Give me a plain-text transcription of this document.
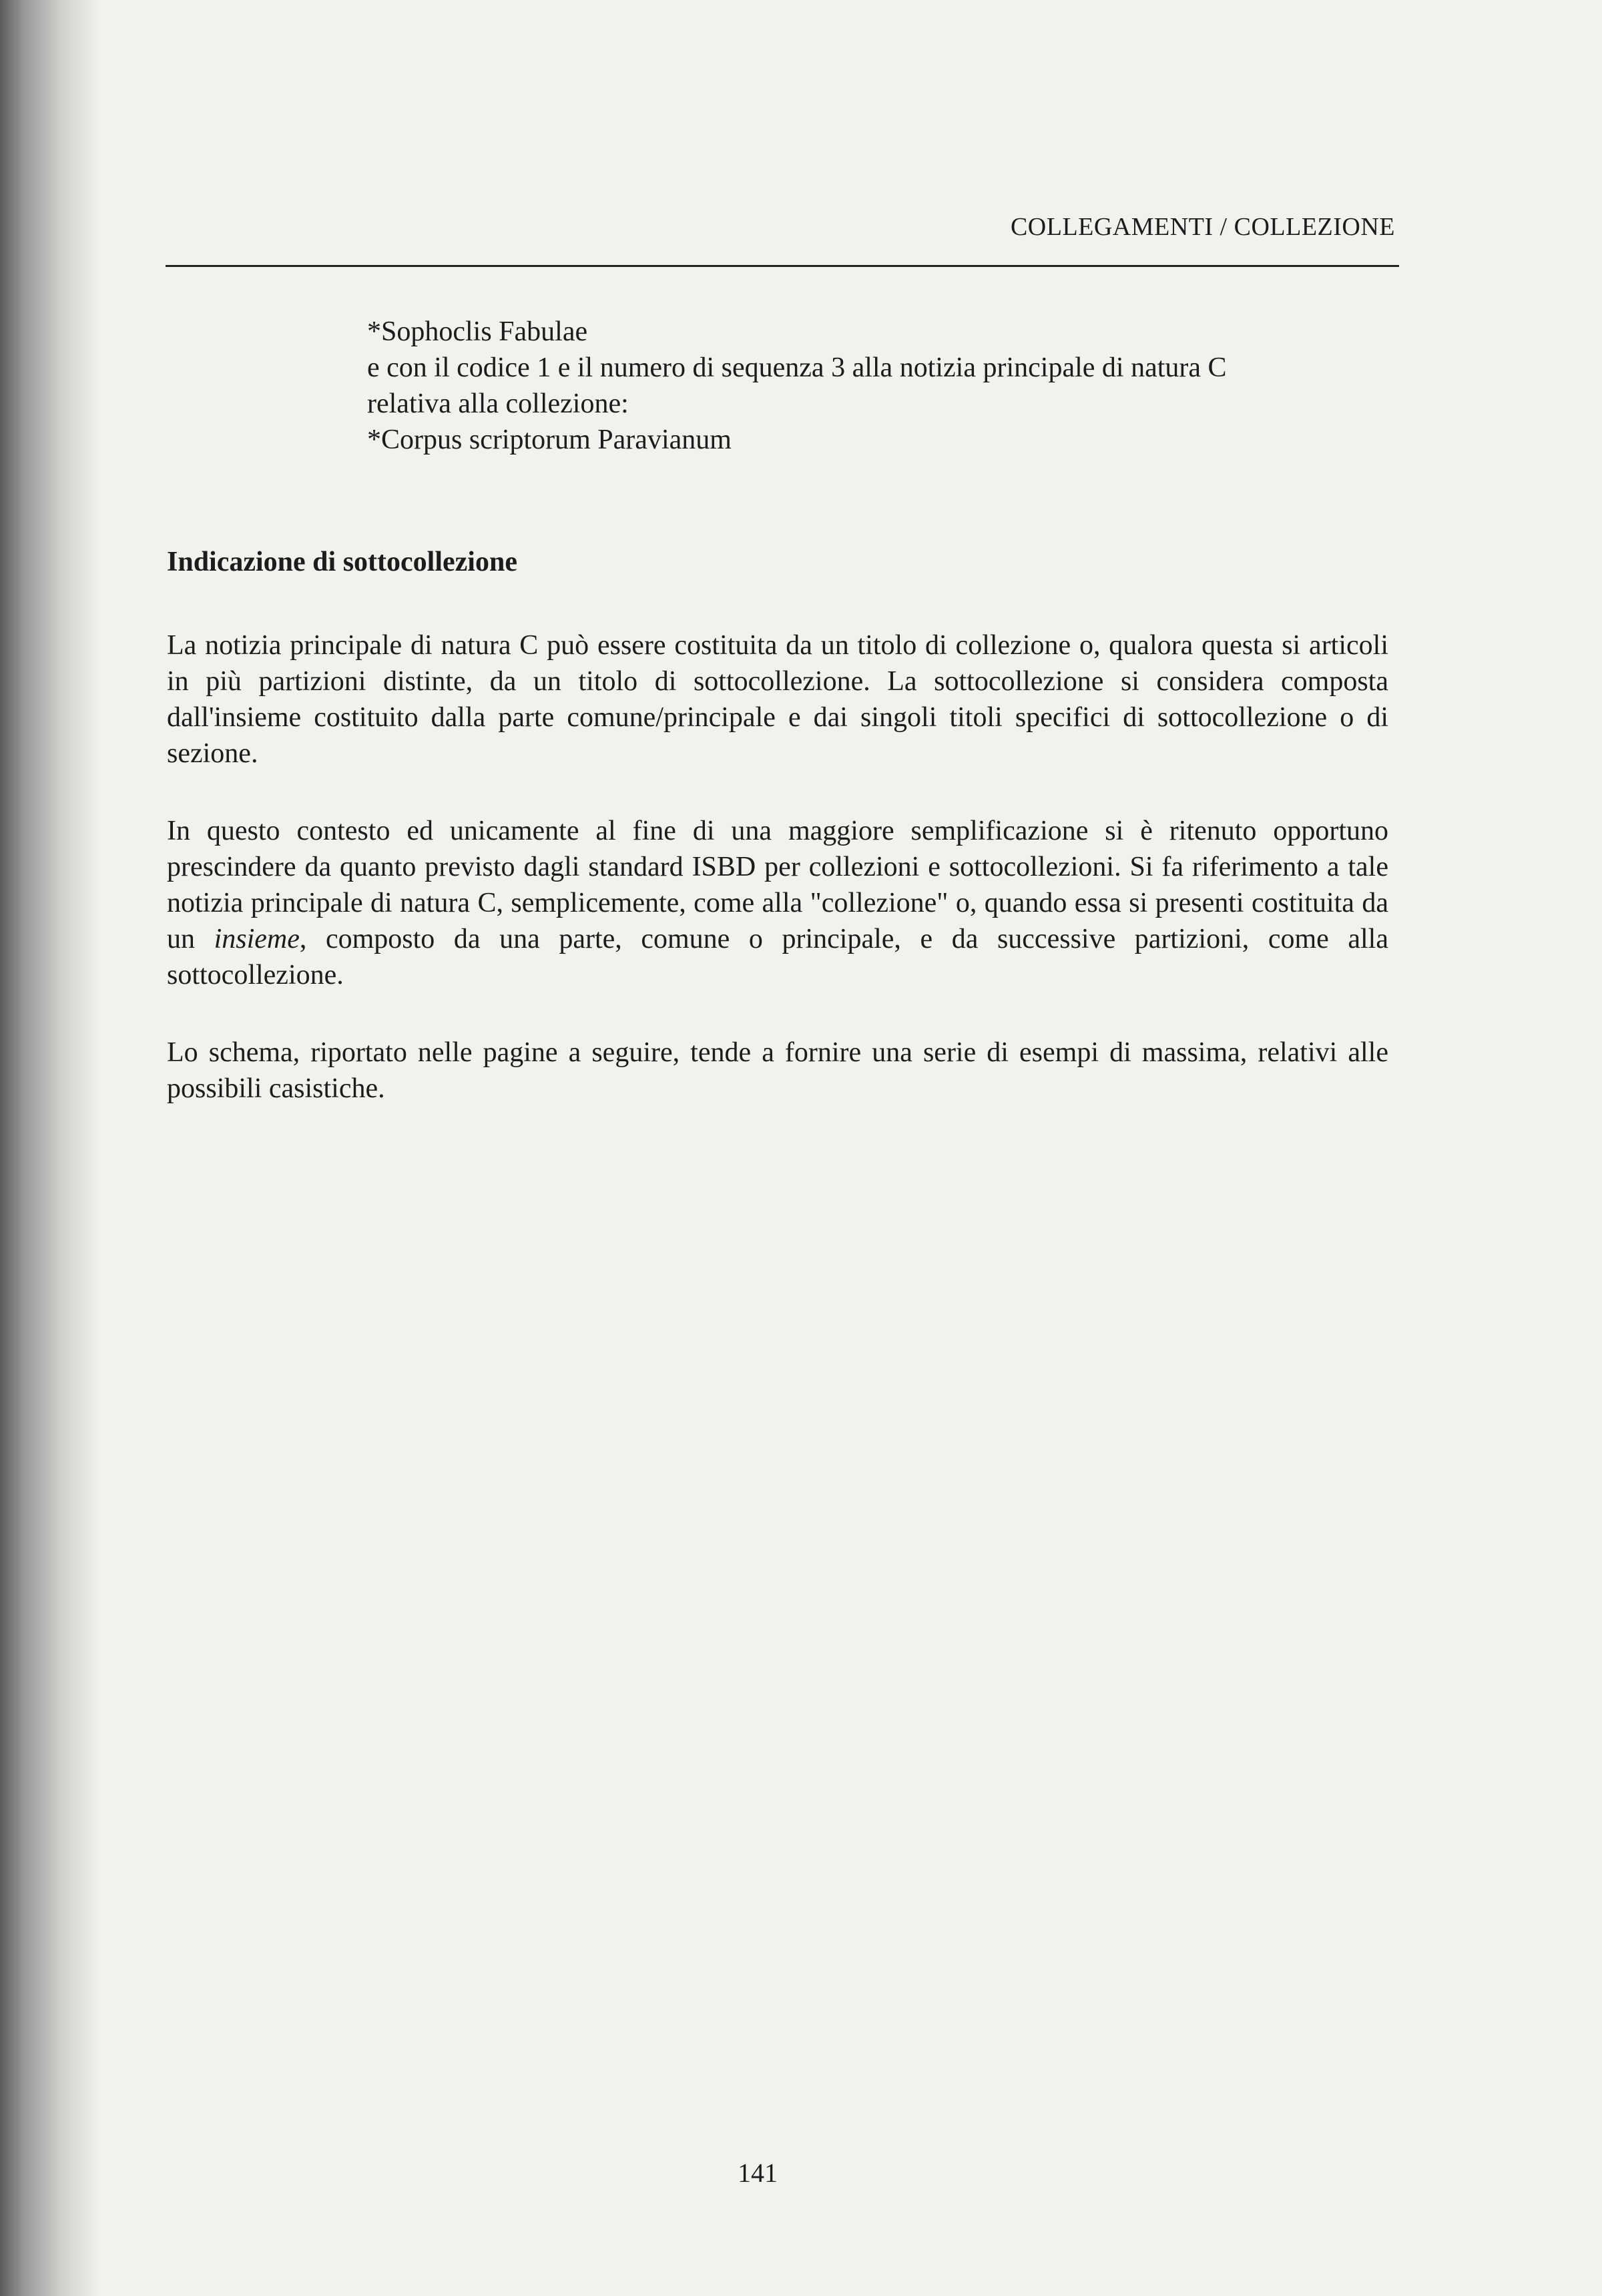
COLLEGAMENTI / COLLEZIONE
*Sophoclis Fabulae
e con il codice 1 e il numero di sequenza 3 alla notizia principale di natura C
relativa alla collezione:
*Corpus scriptorum Paravianum
Indicazione di sottocollezione

La notizia principale di natura C può essere costituita da un titolo di collezione o, qualora questa si articoli in più partizioni distinte, da un titolo di sottocollezione. La sottocollezione si considera composta dall'insieme costituito dalla parte comune/principale e dai singoli titoli specifici di sottocollezione o di sezione.

In questo contesto ed unicamente al fine di una maggiore semplificazione si è ritenuto opportuno prescindere da quanto previsto dagli standard ISBD per collezioni e sottocollezioni. Si fa riferimento a tale notizia principale di natura C, semplicemente, come alla "collezione" o, quando essa si presenti costituita da un insieme, composto da una parte, comune o principale, e da successive partizioni, come alla sottocollezione.

Lo schema, riportato nelle pagine a seguire, tende a fornire una serie di esempi di massima, relativi alle possibili casistiche.

141
